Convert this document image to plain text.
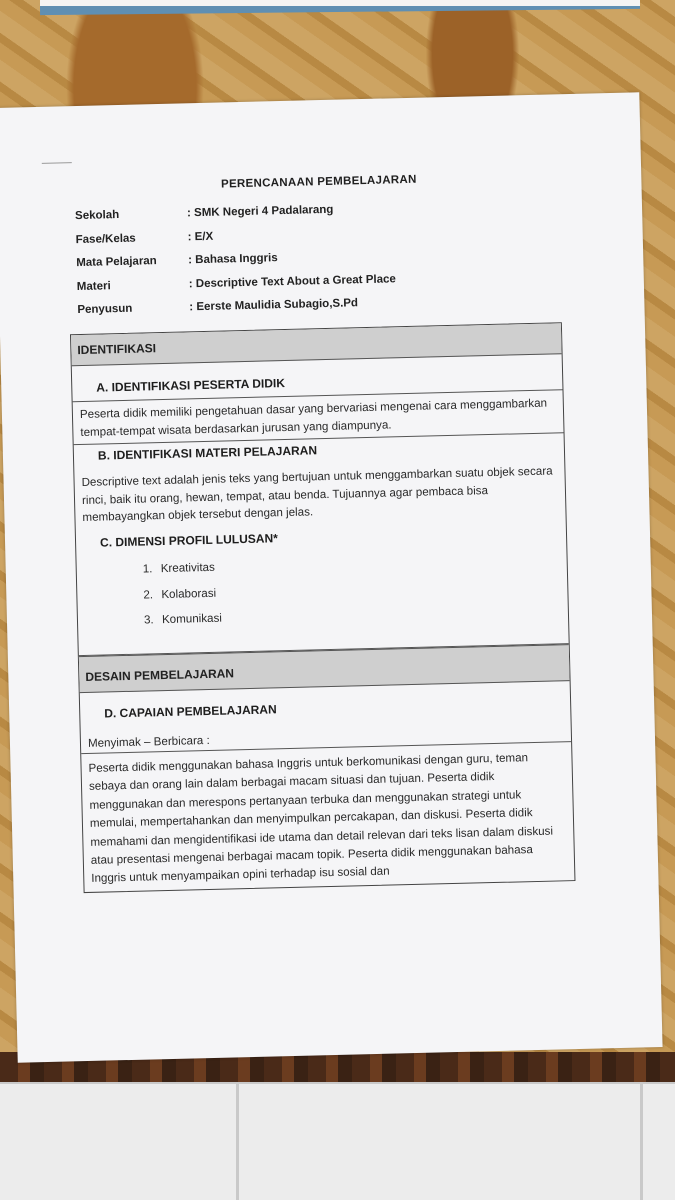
PERENCANAAN PEMBELAJARAN
Sekolah	: SMK Negeri 4 Padalarang
Fase/Kelas	: E/X
Mata Pelajaran	: Bahasa Inggris
Materi	: Descriptive Text About a Great Place
Penyusun	: Eerste Maulidia Subagio,S.Pd
IDENTIFIKASI
A. IDENTIFIKASI PESERTA DIDIK
Peserta didik memiliki pengetahuan dasar yang bervariasi mengenai cara menggambarkan tempat-tempat wisata berdasarkan jurusan yang diampunya.
B. IDENTIFIKASI MATERI PELAJARAN
Descriptive text adalah jenis teks yang bertujuan untuk menggambarkan suatu objek secara rinci, baik itu orang, hewan, tempat, atau benda. Tujuannya agar pembaca bisa membayangkan objek tersebut dengan jelas.
C. DIMENSI PROFIL LULUSAN*
1. Kreativitas
2. Kolaborasi
3. Komunikasi
DESAIN PEMBELAJARAN
D. CAPAIAN PEMBELAJARAN
Menyimak – Berbicara :
Peserta didik menggunakan bahasa Inggris untuk berkomunikasi dengan guru, teman sebaya dan orang lain dalam berbagai macam situasi dan tujuan. Peserta didik menggunakan dan merespons pertanyaan terbuka dan menggunakan strategi untuk memulai, mempertahankan dan menyimpulkan percakapan, dan diskusi. Peserta didik memahami dan mengidentifikasi ide utama dan detail relevan dari teks lisan dalam diskusi atau presentasi mengenai berbagai macam topik. Peserta didik menggunakan bahasa Inggris untuk menyampaikan opini terhadap isu sosial dan
